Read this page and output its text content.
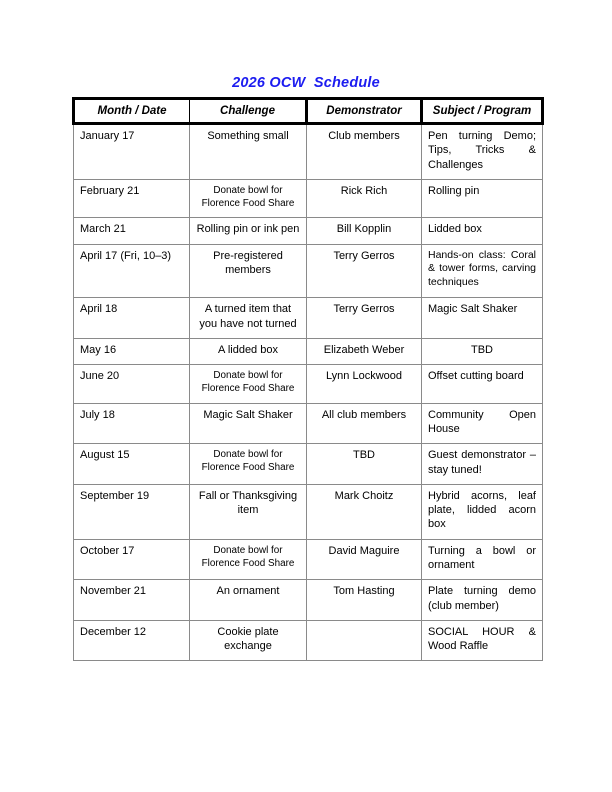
2026 OCW  Schedule
Month / Date	Challenge	Demonstrator	Subject / Program
January 17	Something small	Club members	Pen turning Demo; Tips, Tricks & Challenges
February 21	Donate bowl for Florence Food Share	Rick Rich	Rolling pin
March 21	Rolling pin or ink pen	Bill Kopplin	Lidded box
April 17 (Fri, 10–3)	Pre-registered members	Terry Gerros	Hands-on class: Coral & tower forms, carving techniques
April 18	A turned item that you have not turned	Terry Gerros	Magic Salt Shaker
May 16	A lidded box	Elizabeth Weber	TBD
June 20	Donate bowl for Florence Food Share	Lynn Lockwood	Offset cutting board
July 18	Magic Salt Shaker	All club members	Community Open House
August 15	Donate bowl for Florence Food Share	TBD	Guest demonstrator – stay tuned!
September 19	Fall or Thanksgiving item	Mark Choitz	Hybrid acorns, leaf plate, lidded acorn box
October 17	Donate bowl for Florence Food Share	David Maguire	Turning a bowl or ornament
November 21	An ornament	Tom Hasting	Plate turning demo (club member)
December 12	Cookie plate exchange		SOCIAL HOUR & Wood Raffle
